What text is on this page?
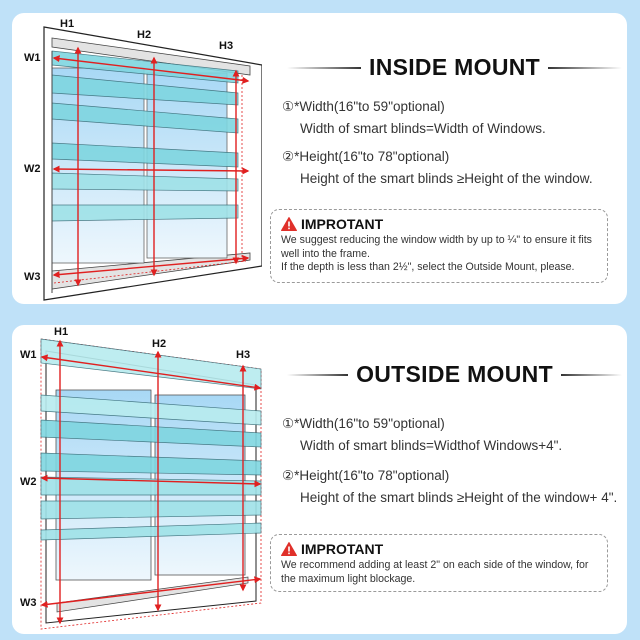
H1
H2
H3
W1
W2
W3
INSIDE MOUNT
①*Width(16"to 59"optional)
Width of smart blinds=Width of Windows.
②*Height(16"to 78"optional)
Height of the smart blinds ≥Height of the window.
IMPROTANT

We suggest reducing the window width by up to ¼" to ensure it fits well into the frame.

If the depth is less than 2½", select the Outside Mount, please.

H1
H2
H3
W1
W2
W3
OUTSIDE MOUNT
①*Width(16"to 59"optional)
Width of smart blinds=Widthof Windows+4".
②*Height(16"to 78"optional)
Height of the smart blinds ≥Height of the window+ 4".
IMPROTANT

We recommend adding at least 2" on each side of the window, for the maximum light blockage.
